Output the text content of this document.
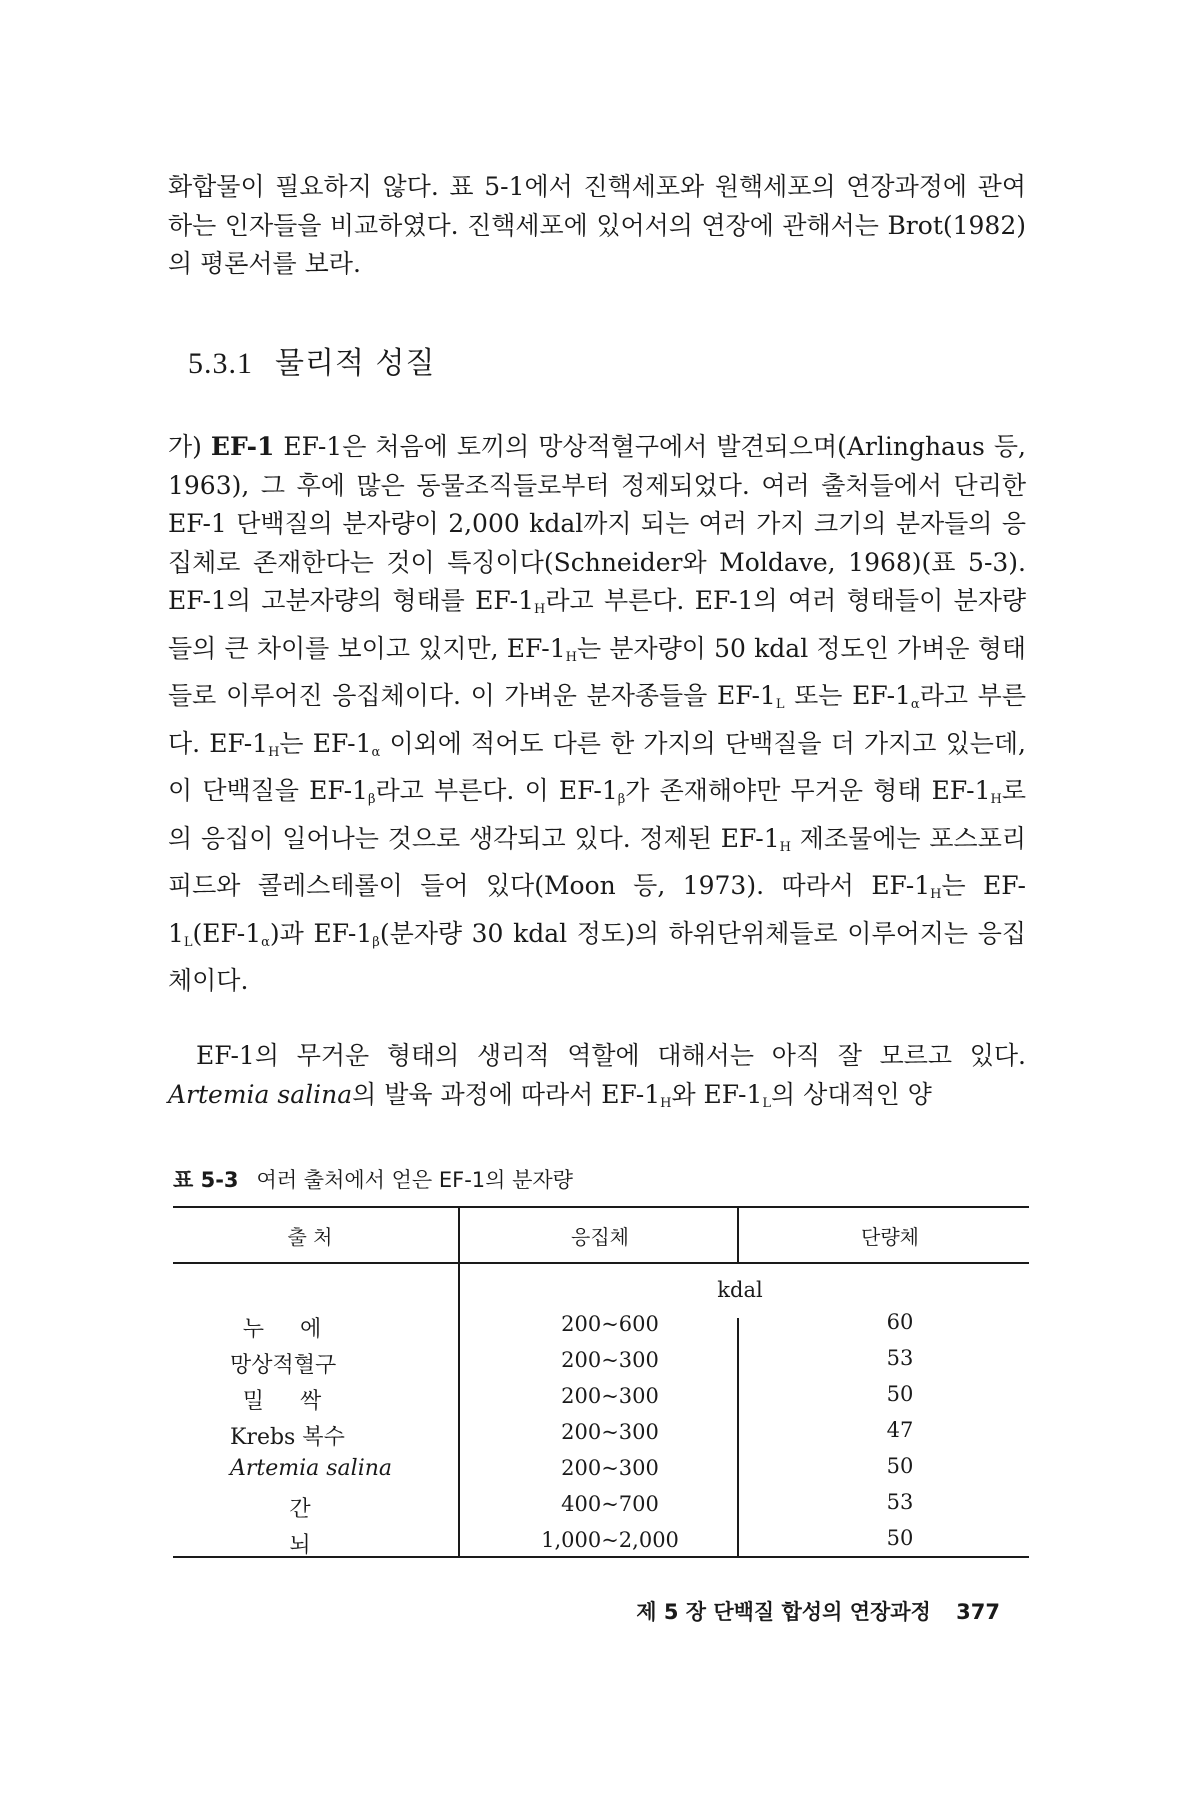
화합물이 필요하지 않다. 표 5-1에서 진핵세포와 원핵세포의 연장과정에 관여하는 인자들을 비교하였다. 진핵세포에 있어서의 연장에 관해서는 Brot(1982)의 평론서를 보라.
5.3.1 물리적 성질
가) EF-1 EF-1은 처음에 토끼의 망상적혈구에서 발견되으며(Arlinghaus 등, 1963), 그 후에 많은 동물조직들로부터 정제되었다. 여러 출처들에서 단리한 EF-1 단백질의 분자량이 2,000 kdal까지 되는 여러 가지 크기의 분자들의 응집체로 존재한다는 것이 특징이다(Schneider와 Moldave, 1968)(표 5-3). EF-1의 고분자량의 형태를 $EF-1_H$라고 부른다. EF-1의 여러 형태들이 분자량들의 큰 차이를 보이고 있지만, $EF-1_H$는 분자량이 50 kdal 정도인 가벼운 형태들로 이루어진 응집체이다. 이 가벼운 분자종들을 $EF-1_L$ 또는 $EF-1_\alpha$라고 부른다. $EF-1_H$는 $EF-1_\alpha$ 이외에 적어도 다른 한 가지의 단백질을 더 가지고 있는데, 이 단백질을 $EF-1_\beta$라고 부른다. 이 $EF-1_\beta$가 존재해야만 무거운 형태 $EF-1_H$로의 응집이 일어나는 것으로 생각되고 있다. 정제된 $EF-1_H$ 제조물에는 포스포리피드와 콜레스테롤이 들어 있다(Moon 등, 1973). 따라서 $EF-1_H$는 $EF-1_L(EF-1_\alpha)$과 $EF-1_\beta$(분자량 30 kdal 정도)의 하위단위체들로 이루어지는 응집체이다.
EF-1의 무거운 형태의 생리적 역할에 대해서는 아직 잘 모르고 있다. Artemia salina의 발육 과정에 따라서 $EF-1_H$와 $EF-1_L$의 상대적인 양
표 5-3 여러 출처에서 얻은 EF-1의 분자량
출 처	응집체	단량체
kdal
누에	200~600	60
망상적혈구	200~300	53
밀싹	200~300	50
Krebs 복수	200~300	47
Artemia salina	200~300	50
간	400~700	53
뇌	1,000~2,000	50
제 5 장 단백질 합성의 연장과정 377
